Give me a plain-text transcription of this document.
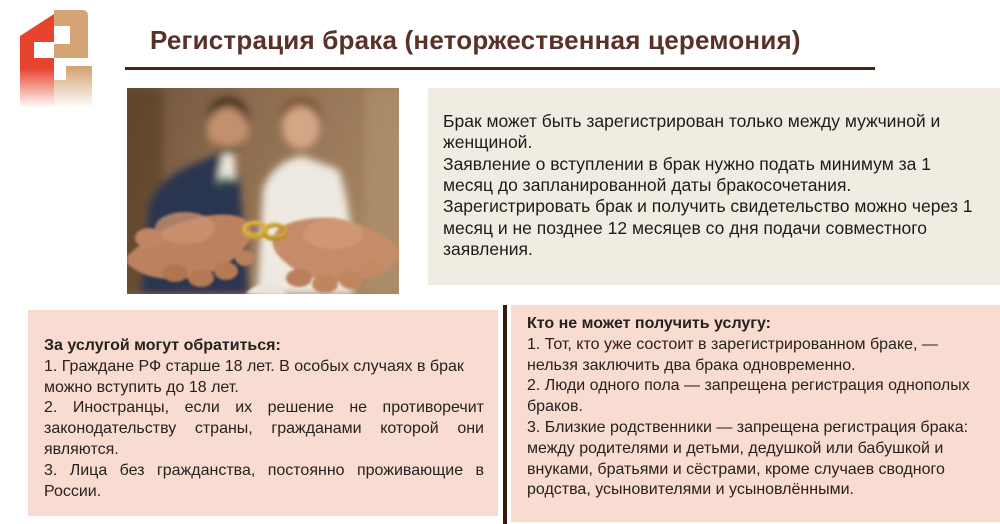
Регистрация брака (неторжественная церемония)

Брак может быть зарегистрирован только между мужчиной и женщиной.

Заявление о вступлении в брак нужно подать минимум за 1 месяц до запланированной даты бракосочетания.

Зарегистрировать брак и получить свидетельство можно через 1 месяц и не позднее 12 месяцев со дня подачи совместного заявления.

За услугой могут обратиться:

1. Граждане РФ старше 18 лет. В особых случаях в брак можно вступить до 18 лет.

2. Иностранцы, если их решение не противоречит законодательству страны, гражданами которой они являются.

3. Лица без гражданства, постоянно проживающие в России.

Кто не может получить услугу:

1. Тот, кто уже состоит в зарегистрированном браке, — нельзя заключить два брака одновременно.

2. Люди одного пола — запрещена регистрация однополых браков.

3. Близкие родственники — запрещена регистрация брака: между родителями и детьми, дедушкой или бабушкой и внуками, братьями и сёстрами, кроме случаев сводного родства, усыновителями и усыновлёнными.
